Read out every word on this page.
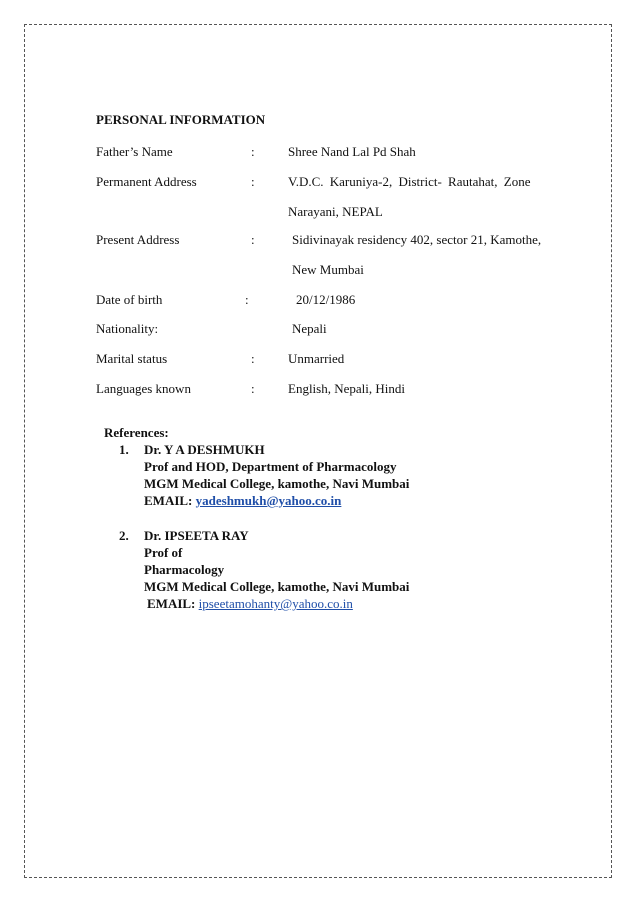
PERSONAL INFORMATION
Father’s Name	:	Shree Nand Lal Pd Shah
Permanent Address	:	V.D.C. Karuniya-2, District- Rautahat, Zone
Narayani, NEPAL
Present Address	:	Sidivinayak residency 402, sector 21, Kamothe,
New Mumbai
Date of birth	:	20/12/1986
Nationality:	Nepali
Marital status	:	Unmarried
Languages known	:	English, Nepali, Hindi
References:
1. Dr. Y A DESHMUKH
Prof and HOD, Department of Pharmacology
MGM Medical College, kamothe, Navi Mumbai
EMAIL: yadeshmukh@yahoo.co.in
2. Dr. IPSEETA RAY
Prof of
Pharmacology
MGM Medical College, kamothe, Navi Mumbai
EMAIL: ipseetamohanty@yahoo.co.in
